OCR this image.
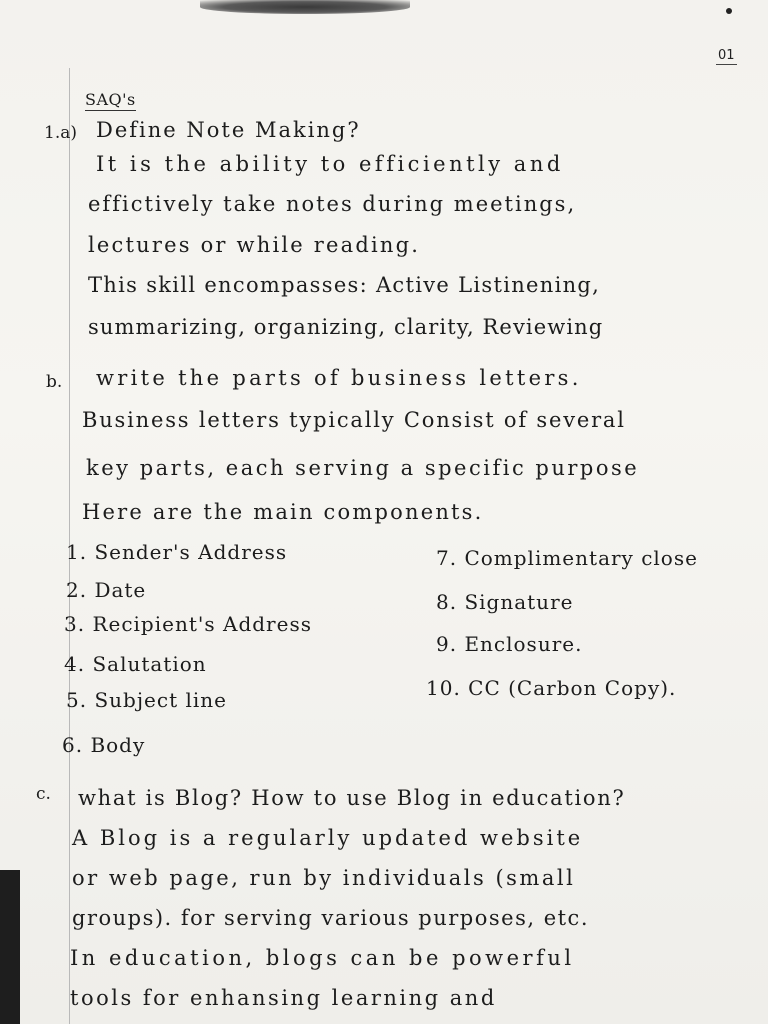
01
SAQ's
1.a) Define Note Making?
It is the ability to efficiently and
effictively take notes during meetings,
lectures or while reading.
This skill encompasses: Active Listinening,
summarizing, organizing, clarity, Reviewing
b. write the parts of business letters.
Business letters typically Consist of several
key parts, each serving a specific purpose
Here are the main components.
1. Sender's Address
2. Date
3. Recipient's Address
4. Salutation
5. Subject line
6. Body
7. Complimentary close
8. Signature
9. Enclosure.
10. CC (Carbon Copy).
c. what is Blog? How to use Blog in education?
A Blog is a regularly updated website
or web page, run by individuals (small
groups). for serving various purposes, etc.
In education, blogs can be powerful
tools for enhansing learning and
